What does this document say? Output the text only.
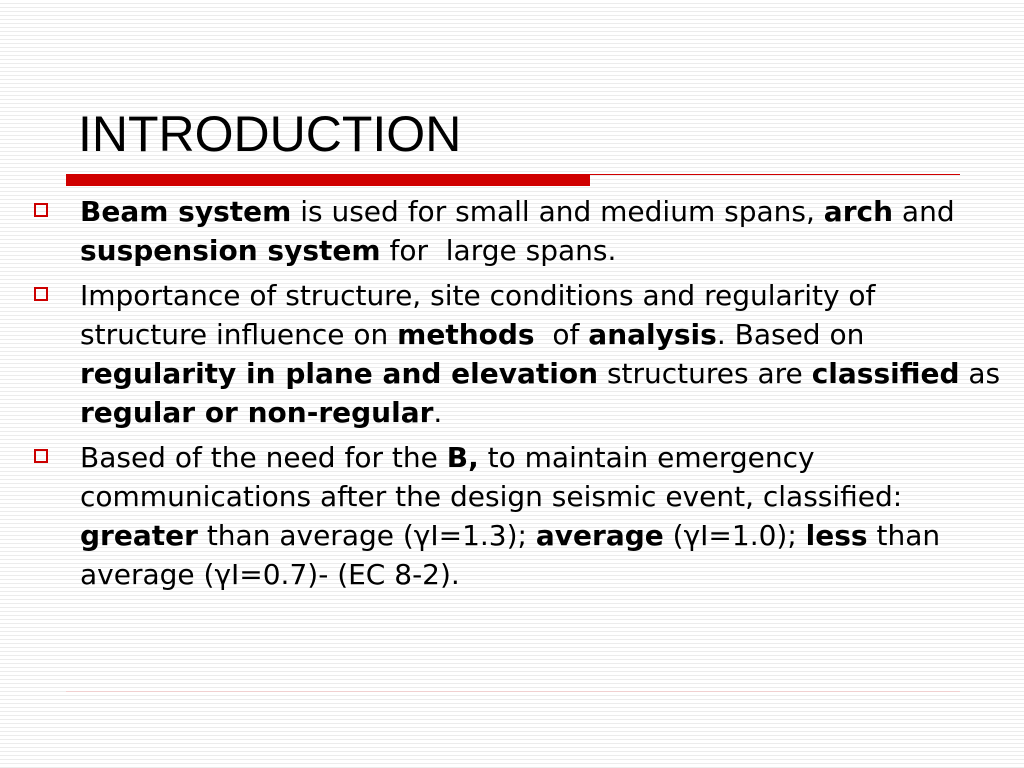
INTRODUCTION
Beam system is used for small and medium spans, arch and suspension system for  large spans.
Importance of structure, site conditions and regularity of structure influence on methods  of analysis. Based on regularity in plane and elevation structures are classified as regular or non-regular.
Based of the need for the B, to maintain emergency communications after the design seismic event, classified: greater than average (γI=1.3); average (γI=1.0); less than average (γI=0.7)- (EC 8-2).
